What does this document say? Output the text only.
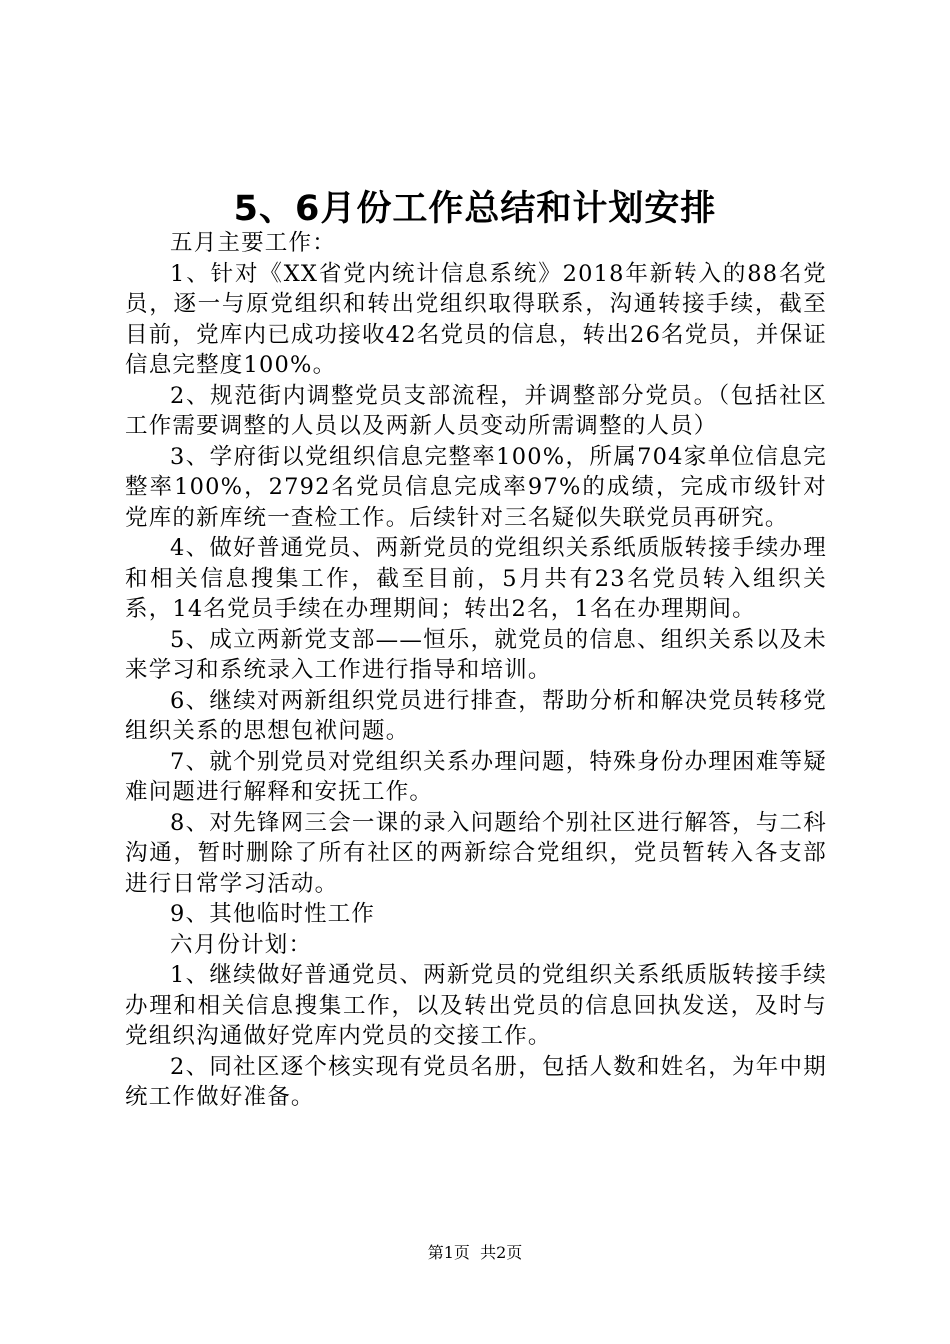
5、6月份工作总结和计划安排

五月主要工作：

1、针对《XX省党内统计信息系统》2018年新转入的88名党员，逐一与原党组织和转出党组织取得联系，沟通转接手续，截至目前，党库内已成功接收42名党员的信息，转出26名党员，并保证信息完整度100%。

2、规范街内调整党员支部流程，并调整部分党员。（包括社区工作需要调整的人员以及两新人员变动所需调整的人员）

3、学府街以党组织信息完整率100%，所属704家单位信息完整率100%，2792名党员信息完成率97%的成绩，完成市级针对党库的新库统一查检工作。后续针对三名疑似失联党员再研究。

4、做好普通党员、两新党员的党组织关系纸质版转接手续办理和相关信息搜集工作，截至目前，5月共有23名党员转入组织关系，14名党员手续在办理期间；转出2名，1名在办理期间。

5、成立两新党支部——恒乐，就党员的信息、组织关系以及未来学习和系统录入工作进行指导和培训。

6、继续对两新组织党员进行排查，帮助分析和解决党员转移党组织关系的思想包袱问题。

7、就个别党员对党组织关系办理问题，特殊身份办理困难等疑难问题进行解释和安抚工作。

8、对先锋网三会一课的录入问题给个别社区进行解答，与二科沟通，暂时删除了所有社区的两新综合党组织，党员暂转入各支部进行日常学习活动。

9、其他临时性工作

六月份计划：

1、继续做好普通党员、两新党员的党组织关系纸质版转接手续办理和相关信息搜集工作，以及转出党员的信息回执发送，及时与党组织沟通做好党库内党员的交接工作。

2、同社区逐个核实现有党员名册，包括人数和姓名，为年中期统工作做好准备。

第1页 共2页
